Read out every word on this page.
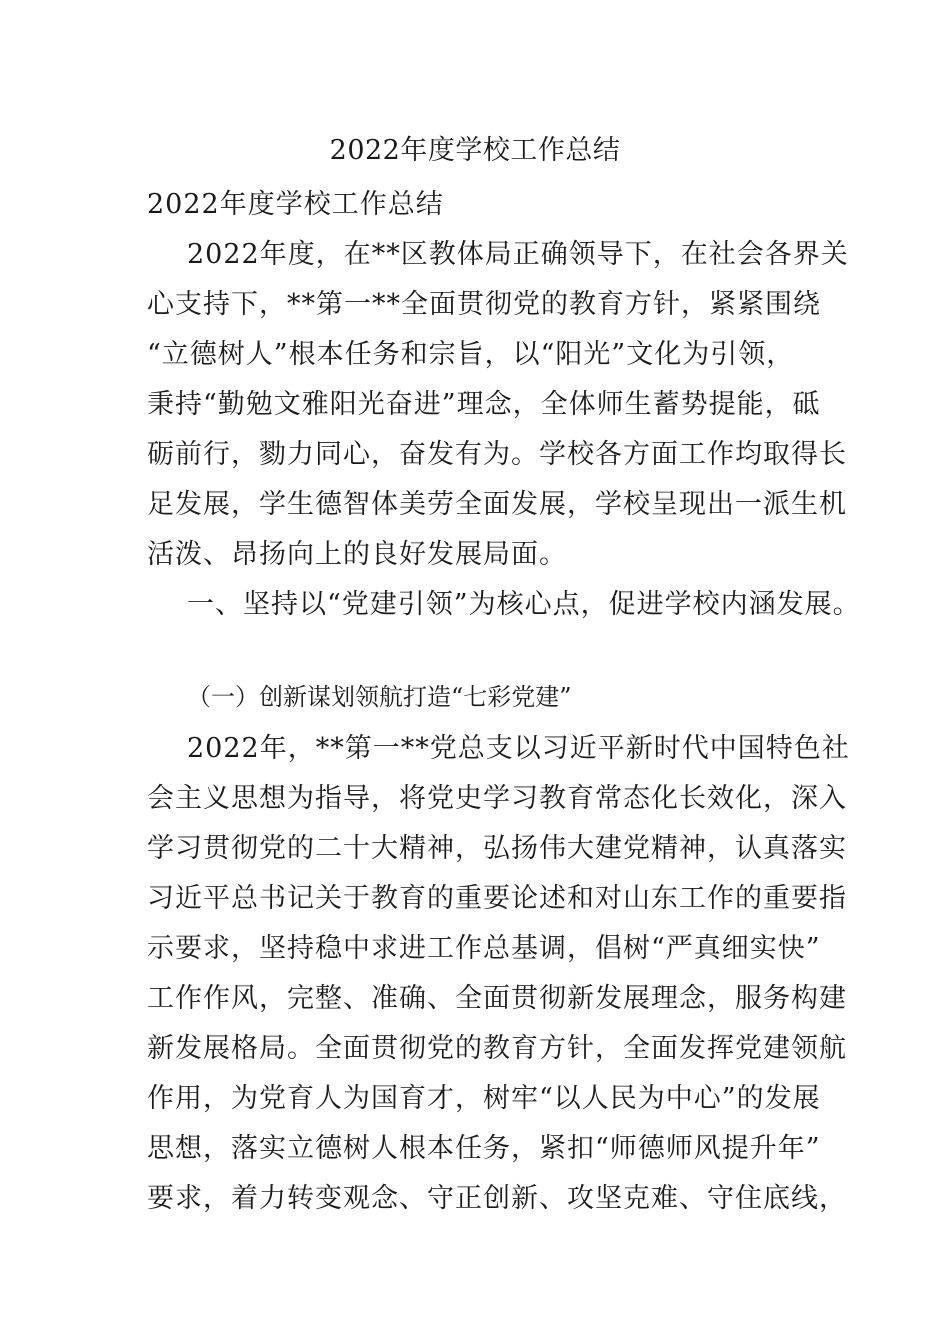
2022年度学校工作总结
2022年度学校工作总结
2022年度，在**区教体局正确领导下，在社会各界关
心支持下，**第一**全面贯彻党的教育方针，紧紧围绕
“立德树人”根本任务和宗旨，以“阳光”文化为引领，
秉持“勤勉文雅阳光奋进”理念，全体师生蓄势提能，砥
砺前行，勠力同心，奋发有为。学校各方面工作均取得长
足发展，学生德智体美劳全面发展，学校呈现出一派生机
活泼、昂扬向上的良好发展局面。
一、坚持以“党建引领”为核心点，促进学校内涵发展。
（一）创新谋划领航打造“七彩党建”
2022年，**第一**党总支以习近平新时代中国特色社
会主义思想为指导，将党史学习教育常态化长效化，深入
学习贯彻党的二十大精神，弘扬伟大建党精神，认真落实
习近平总书记关于教育的重要论述和对山东工作的重要指
示要求，坚持稳中求进工作总基调，倡树“严真细实快”
工作作风，完整、准确、全面贯彻新发展理念，服务构建
新发展格局。全面贯彻党的教育方针，全面发挥党建领航
作用，为党育人为国育才，树牢“以人民为中心”的发展
思想，落实立德树人根本任务，紧扣“师德师风提升年”
要求，着力转变观念、守正创新、攻坚克难、守住底线，
